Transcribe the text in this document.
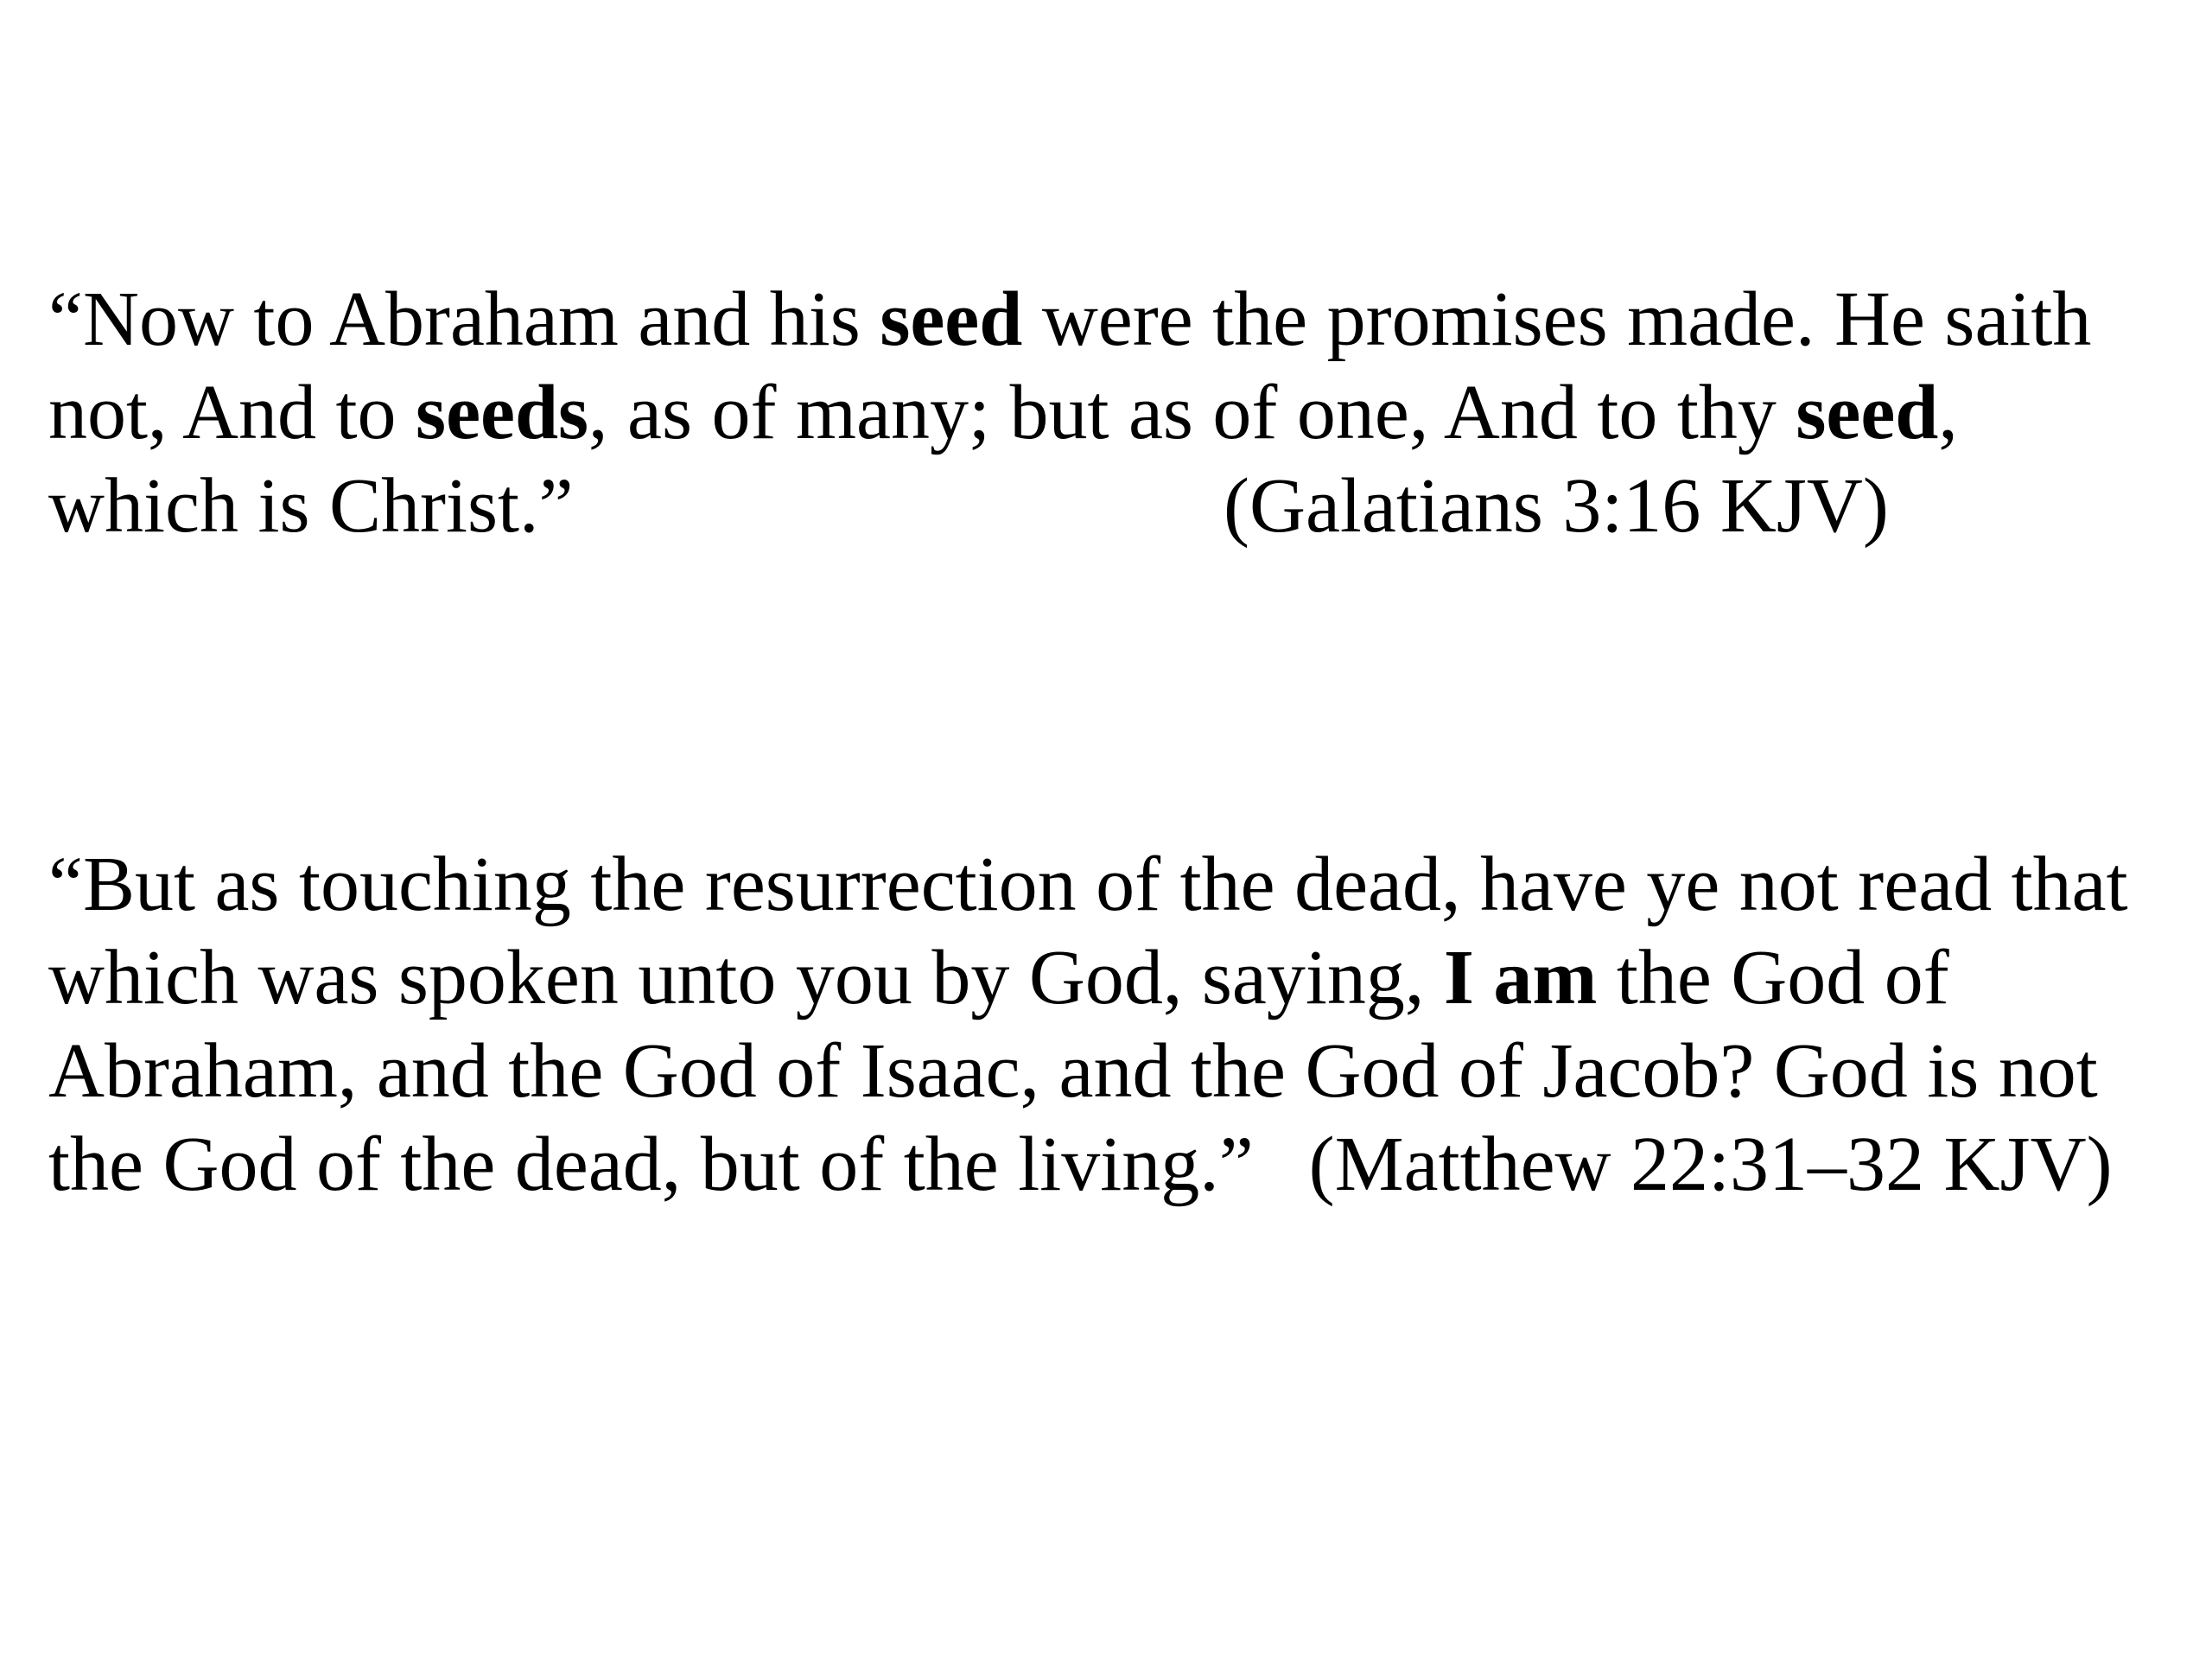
“Now to Abraham and his seed were the promises made. He saith
not, And to seeds, as of many; but as of one, And to thy seed,
which is Christ.”	(Galatians 3:16 KJV)
“But as touching the resurrection of the dead, have ye not read that
which was spoken unto you by God, saying, I am the God of
Abraham, and the God of Isaac, and the God of Jacob? God is not
the God of the dead, but of the living.” (Matthew 22:31–32 KJV)
